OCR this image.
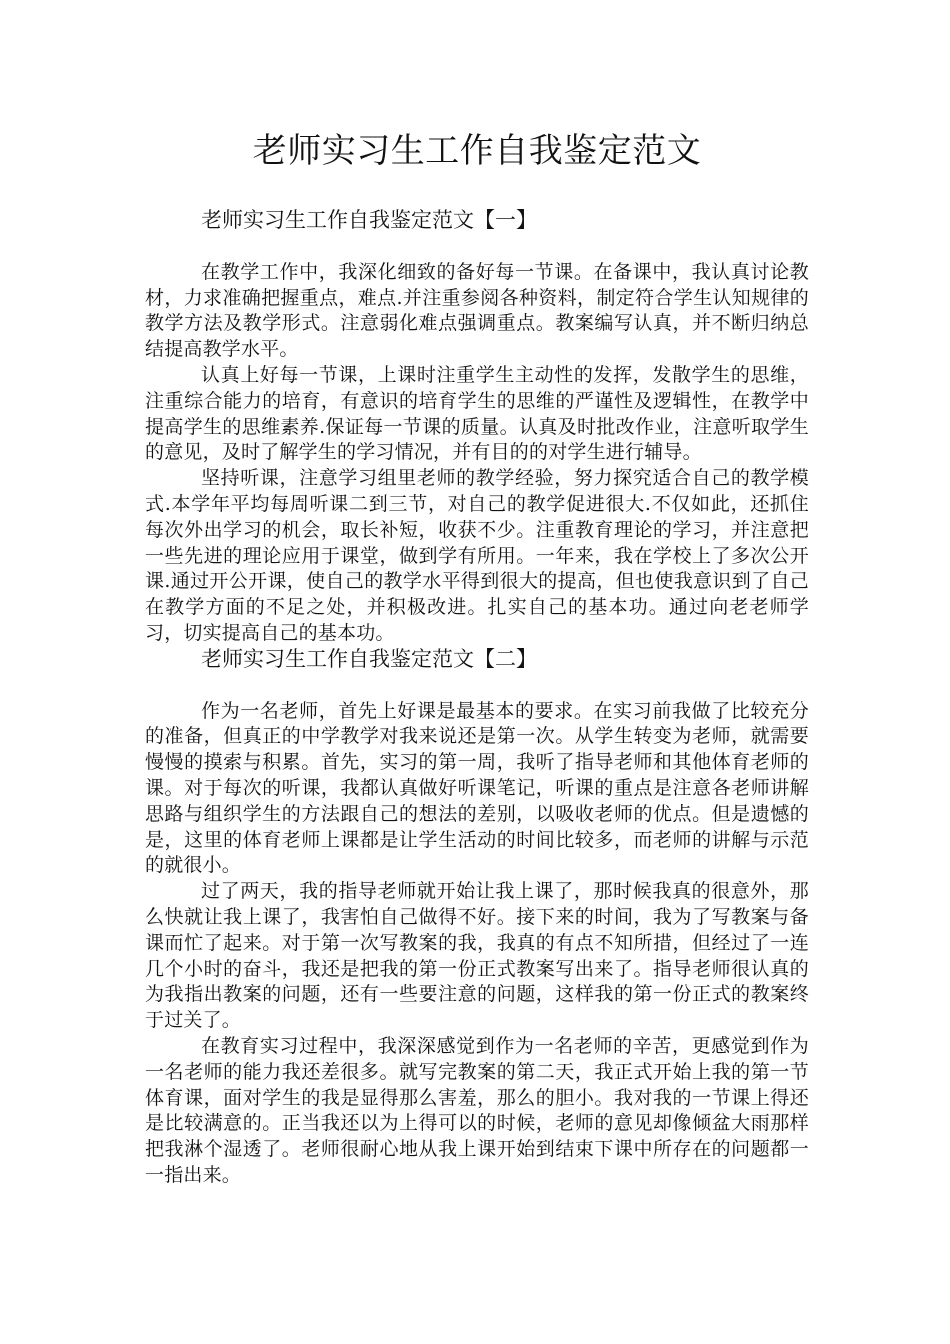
老师实习生工作自我鉴定范文

老师实习生工作自我鉴定范文【一】

在教学工作中，我深化细致的备好每一节课。在备课中，我认真讨论教材，力求准确把握重点，难点.并注重参阅各种资料，制定符合学生认知规律的教学方法及教学形式。注意弱化难点强调重点。教案编写认真，并不断归纳总结提高教学水平。

认真上好每一节课，上课时注重学生主动性的发挥，发散学生的思维，注重综合能力的培育，有意识的培育学生的思维的严谨性及逻辑性，在教学中提高学生的思维素养.保证每一节课的质量。认真及时批改作业，注意听取学生的意见，及时了解学生的学习情况，并有目的的对学生进行辅导。

坚持听课，注意学习组里老师的教学经验，努力探究适合自己的教学模式.本学年平均每周听课二到三节，对自己的教学促进很大.不仅如此，还抓住每次外出学习的机会，取长补短，收获不少。注重教育理论的学习，并注意把一些先进的理论应用于课堂，做到学有所用。一年来，我在学校上了多次公开课.通过开公开课，使自己的教学水平得到很大的提高，但也使我意识到了自己在教学方面的不足之处，并积极改进。扎实自己的基本功。通过向老老师学习，切实提高自己的基本功。

老师实习生工作自我鉴定范文【二】

作为一名老师，首先上好课是最基本的要求。在实习前我做了比较充分的准备，但真正的中学教学对我来说还是第一次。从学生转变为老师，就需要慢慢的摸索与积累。首先，实习的第一周，我听了指导老师和其他体育老师的课。对于每次的听课，我都认真做好听课笔记，听课的重点是注意各老师讲解思路与组织学生的方法跟自己的想法的差别，以吸收老师的优点。但是遗憾的是，这里的体育老师上课都是让学生活动的时间比较多，而老师的讲解与示范的就很小。

过了两天，我的指导老师就开始让我上课了，那时候我真的很意外，那么快就让我上课了，我害怕自己做得不好。接下来的时间，我为了写教案与备课而忙了起来。对于第一次写教案的我，我真的有点不知所措，但经过了一连几个小时的奋斗，我还是把我的第一份正式教案写出来了。指导老师很认真的为我指出教案的问题，还有一些要注意的问题，这样我的第一份正式的教案终于过关了。

在教育实习过程中，我深深感觉到作为一名老师的辛苦，更感觉到作为一名老师的能力我还差很多。就写完教案的第二天，我正式开始上我的第一节体育课，面对学生的我是显得那么害羞，那么的胆小。我对我的一节课上得还是比较满意的。正当我还以为上得可以的时候，老师的意见却像倾盆大雨那样把我淋个湿透了。老师很耐心地从我上课开始到结束下课中所存在的问题都一一指出来。
